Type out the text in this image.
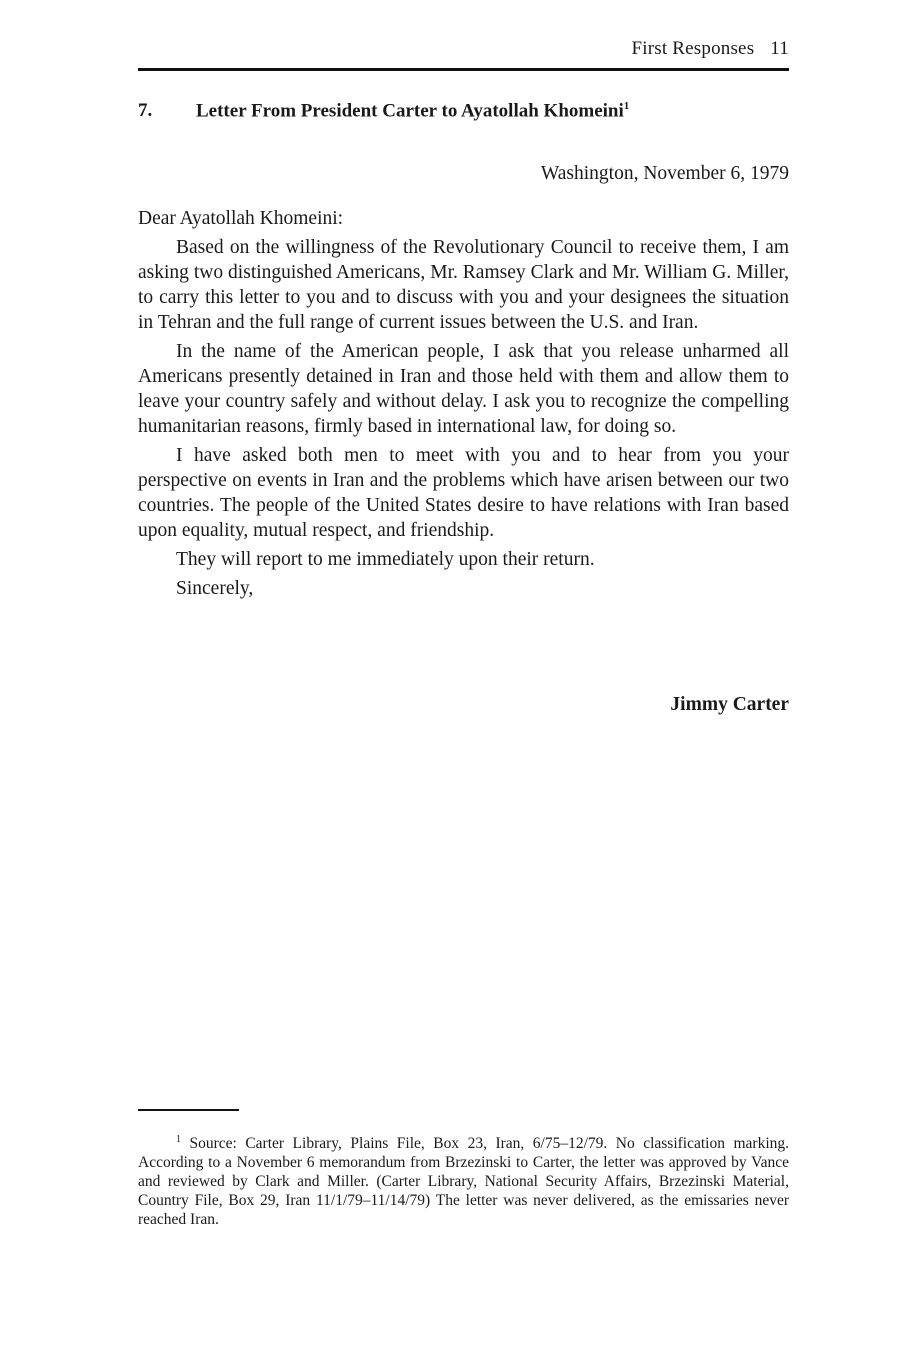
First Responses 11
7. Letter From President Carter to Ayatollah Khomeini$^1$
Washington, November 6, 1979

Dear Ayatollah Khomeini:

Based on the willingness of the Revolutionary Council to receive them, I am asking two distinguished Americans, Mr. Ramsey Clark and Mr. William G. Miller, to carry this letter to you and to discuss with you and your designees the situation in Tehran and the full range of current issues between the U.S. and Iran.

In the name of the American people, I ask that you release unharmed all Americans presently detained in Iran and those held with them and allow them to leave your country safely and without delay. I ask you to recognize the compelling humanitarian reasons, firmly based in international law, for doing so.

I have asked both men to meet with you and to hear from you your perspective on events in Iran and the problems which have arisen between our two countries. The people of the United States desire to have relations with Iran based upon equality, mutual respect, and friendship.

They will report to me immediately upon their return.

Sincerely,

Jimmy Carter
$^1$ Source: Carter Library, Plains File, Box 23, Iran, 6/75–12/79. No classification marking. According to a November 6 memorandum from Brzezinski to Carter, the letter was approved by Vance and reviewed by Clark and Miller. (Carter Library, National Security Affairs, Brzezinski Material, Country File, Box 29, Iran 11/1/79–11/14/79) The letter was never delivered, as the emissaries never reached Iran.
